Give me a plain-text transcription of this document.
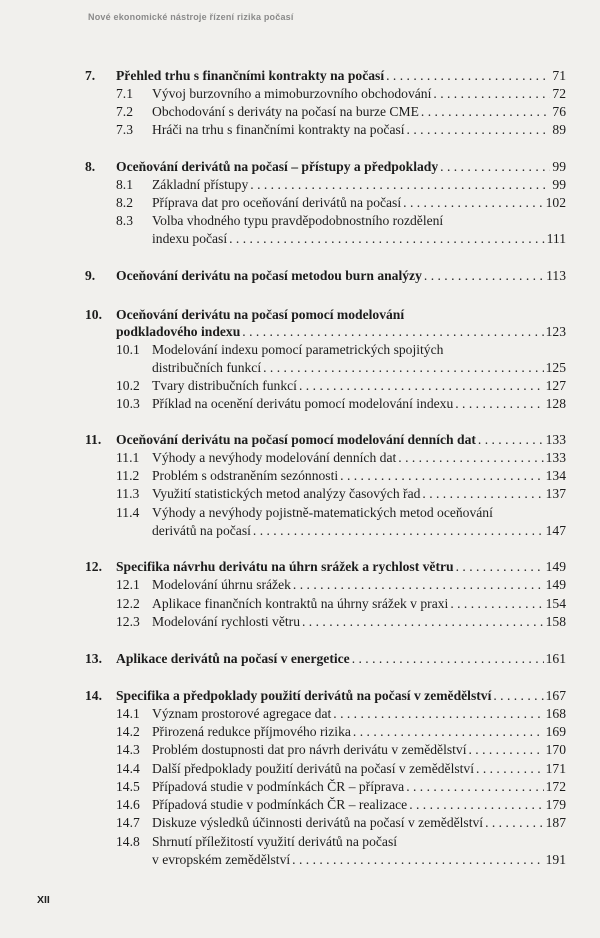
Nové ekonomické nástroje řízení rizika počasí
7. Přehled trhu s finančními kontrakty na počasí . . .	71
7.1 Vývoj burzovního a mimoburzovního obchodování . . .	72
7.2 Obchodování s deriváty na počasí na burze CME . . .	76
7.3 Hráči na trhu s finančními kontrakty na počasí . . .	89
8. Oceňování derivátů na počasí – přístupy a předpoklady . . .	99
8.1 Základní přístupy . . .	99
8.2 Příprava dat pro oceňování derivátů na počasí . . .	102
8.3 Volba vhodného typu pravděpodobnostního rozdělení
indexu počasí . . .	111
9. Oceňování derivátu na počasí metodou burn analýzy . . .	113
10. Oceňování derivátu na počasí pomocí modelování
podkladového indexu . . .	123
10.1 Modelování indexu pomocí parametrických spojitých
distribučních funkcí . . .	125
10.2 Tvary distribučních funkcí . . .	127
10.3 Příklad na ocenění derivátu pomocí modelování indexu . . .	128
11. Oceňování derivátu na počasí pomocí modelování denních dat . . .	133
11.1 Výhody a nevýhody modelování denních dat . . .	133
11.2 Problém s odstraněním sezónnosti . . .	134
11.3 Využití statistických metod analýzy časových řad . . .	137
11.4 Výhody a nevýhody pojistně-matematických metod oceňování
derivátů na počasí . . .	147
12. Specifika návrhu derivátu na úhrn srážek a rychlost větru . . .	149
12.1 Modelování úhrnu srážek . . .	149
12.2 Aplikace finančních kontraktů na úhrny srážek v praxi . . .	154
12.3 Modelování rychlosti větru . . .	158
13. Aplikace derivátů na počasí v energetice . . .	161
14. Specifika a předpoklady použití derivátů na počasí v zemědělství . . .	167
14.1 Význam prostorové agregace dat . . .	168
14.2 Přirozená redukce příjmového rizika . . .	169
14.3 Problém dostupnosti dat pro návrh derivátu v zemědělství . . .	170
14.4 Další předpoklady použití derivátů na počasí v zemědělství . . .	171
14.5 Případová studie v podmínkách ČR – příprava . . .	172
14.6 Případová studie v podmínkách ČR – realizace . . .	179
14.7 Diskuze výsledků účinnosti derivátů na počasí v zemědělství . . .	187
14.8 Shrnutí příležitostí využití derivátů na počasí
v evropském zemědělství . . .	191
XII
